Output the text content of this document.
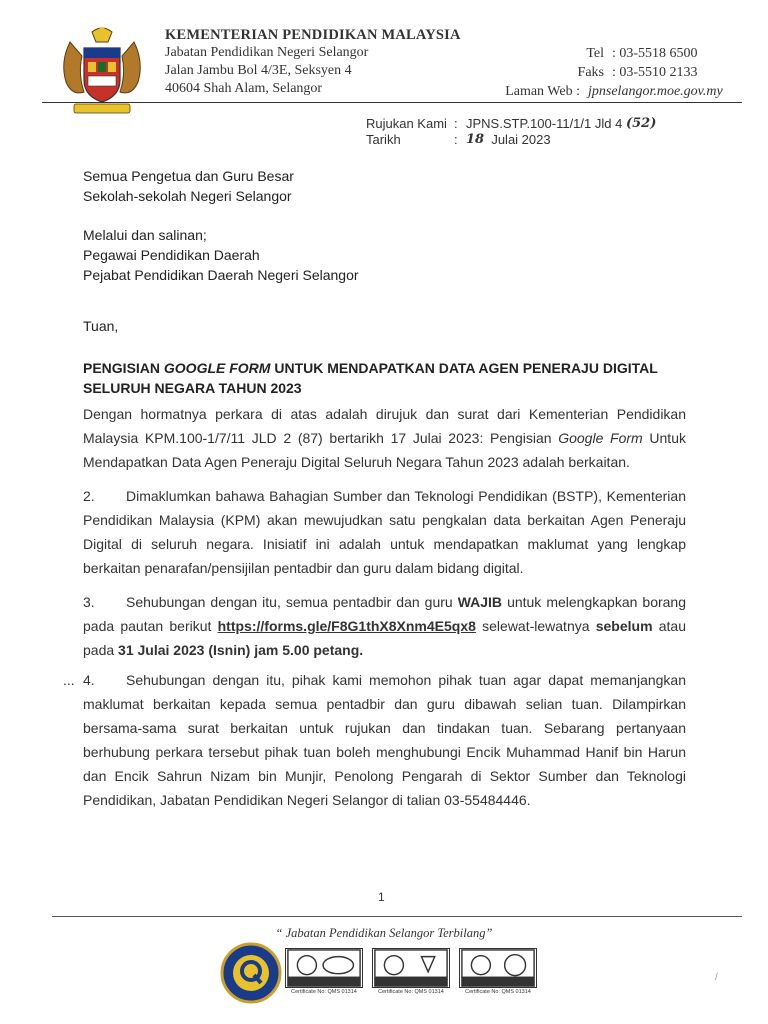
KEMENTERIAN PENDIDIKAN MALAYSIA
Jabatan Pendidikan Negeri Selangor
Jalan Jambu Bol 4/3E, Seksyen 4
40604 Shah Alam, Selangor
Tel : 03-5518 6500
Faks : 03-5510 2133
Laman Web : jpnselangor.moe.gov.my
Rujukan Kami : JPNS.STP.100-11/1/1 Jld 4
(52)
Tarikh	: 18
Julai 2023
Semua Pengetua dan Guru Besar
Sekolah-sekolah Negeri Selangor
Melalui dan salinan;
Pegawai Pendidikan Daerah
Pejabat Pendidikan Daerah Negeri Selangor
Tuan,
PENGISIAN GOOGLE FORM UNTUK MENDAPATKAN DATA AGEN PENERAJU DIGITAL SELURUH NEGARA TAHUN 2023
Dengan hormatnya perkara di atas adalah dirujuk dan surat dari Kementerian Pendidikan Malaysia KPM.100-1/7/11 JLD 2 (87) bertarikh 17 Julai 2023: Pengisian Google Form Untuk Mendapatkan Data Agen Peneraju Digital Seluruh Negara Tahun 2023 adalah berkaitan.
2. Dimaklumkan bahawa Bahagian Sumber dan Teknologi Pendidikan (BSTP), Kementerian Pendidikan Malaysia (KPM) akan mewujudkan satu pengkalan data berkaitan Agen Peneraju Digital di seluruh negara. Inisiatif ini adalah untuk mendapatkan maklumat yang lengkap berkaitan penarafan/pensijilan pentadbir dan guru dalam bidang digital.
3. Sehubungan dengan itu, semua pentadbir dan guru WAJIB untuk melengkapkan borang pada pautan berikut https://forms.gle/F8G1thX8Xnm4E5qx8 selewat-lewatnya sebelum atau pada 31 Julai 2023 (Isnin) jam 5.00 petang.
... 4. Sehubungan dengan itu, pihak kami memohon pihak tuan agar dapat memanjangkan maklumat berkaitan kepada semua pentadbir dan guru dibawah selian tuan. Dilampirkan bersama-sama surat berkaitan untuk rujukan dan tindakan tuan. Sebarang pertanyaan berhubung perkara tersebut pihak tuan boleh menghubungi Encik Muhammad Hanif bin Harun dan Encik Sahrun Nizam bin Munjir, Penolong Pengarah di Sektor Sumber dan Teknologi Pendidikan, Jabatan Pendidikan Negeri Selangor di talian 03-55484446.
1
“ Jabatan Pendidikan Selangor Terbilang”
Certificate No: QMS 01314	Certificate No: QMS 01314	Certificate No: QMS 01314
/
